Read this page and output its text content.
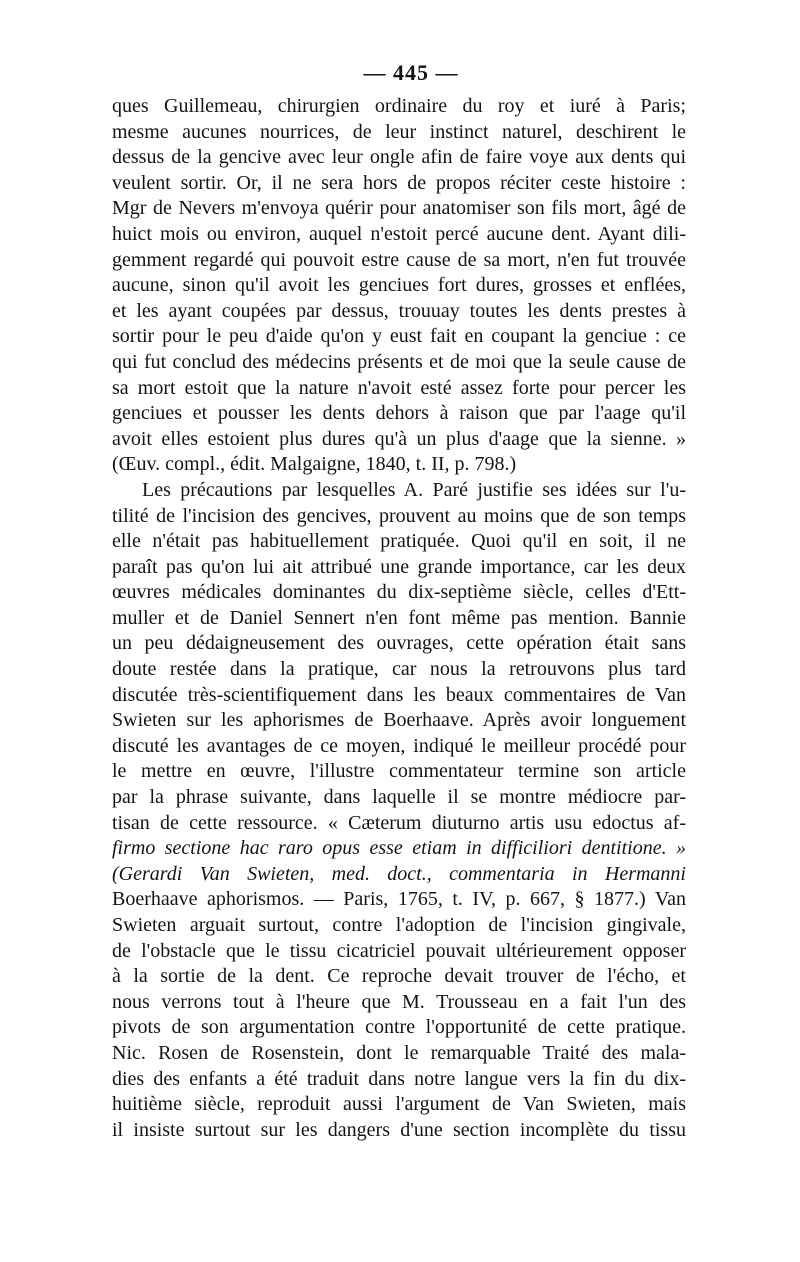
— 445 —
ques Guillemeau, chirurgien ordinaire du roy et iuré à Paris;
mesme aucunes nourrices, de leur instinct naturel, deschirent le
dessus de la gencive avec leur ongle afin de faire voye aux dents qui
veulent sortir. Or, il ne sera hors de propos réciter ceste histoire :
Mgr de Nevers m'envoya quérir pour anatomiser son fils mort, âgé de
huict mois ou environ, auquel n'estoit percé aucune dent. Ayant dili-
gemment regardé qui pouvoit estre cause de sa mort, n'en fut trouvée
aucune, sinon qu'il avoit les genciues fort dures, grosses et enflées,
et les ayant coupées par dessus, trouuay toutes les dents prestes à
sortir pour le peu d'aide qu'on y eust fait en coupant la genciue : ce
qui fut conclud des médecins présents et de moi que la seule cause de
sa mort estoit que la nature n'avoit esté assez forte pour percer les
genciues et pousser les dents dehors à raison que par l'aage qu'il
avoit elles estoient plus dures qu'à un plus d'aage que la sienne. »
(Œuv. compl., édit. Malgaigne, 1840, t. II, p. 798.)
Les précautions par lesquelles A. Paré justifie ses idées sur l'u-
tilité de l'incision des gencives, prouvent au moins que de son temps
elle n'était pas habituellement pratiquée. Quoi qu'il en soit, il ne
paraît pas qu'on lui ait attribué une grande importance, car les deux
œuvres médicales dominantes du dix-septième siècle, celles d'Ett-
muller et de Daniel Sennert n'en font même pas mention. Bannie
un peu dédaigneusement des ouvrages, cette opération était sans
doute restée dans la pratique, car nous la retrouvons plus tard
discutée très-scientifiquement dans les beaux commentaires de Van
Swieten sur les aphorismes de Boerhaave. Après avoir longuement
discuté les avantages de ce moyen, indiqué le meilleur procédé pour
le mettre en œuvre, l'illustre commentateur termine son article
par la phrase suivante, dans laquelle il se montre médiocre par-
tisan de cette ressource. « Cæterum diuturno artis usu edoctus af-
firmo sectione hac raro opus esse etiam in difficiliori dentitione. »
(Gerardi Van Swieten, med. doct., commentaria in Hermanni
Boerhaave aphorismos. — Paris, 1765, t. IV, p. 667, § 1877.) Van
Swieten arguait surtout, contre l'adoption de l'incision gingivale,
de l'obstacle que le tissu cicatriciel pouvait ultérieurement opposer
à la sortie de la dent. Ce reproche devait trouver de l'écho, et
nous verrons tout à l'heure que M. Trousseau en a fait l'un des
pivots de son argumentation contre l'opportunité de cette pratique.
Nic. Rosen de Rosenstein, dont le remarquable Traité des mala-
dies des enfants a été traduit dans notre langue vers la fin du dix-
huitième siècle, reproduit aussi l'argument de Van Swieten, mais
il insiste surtout sur les dangers d'une section incomplète du tissu
